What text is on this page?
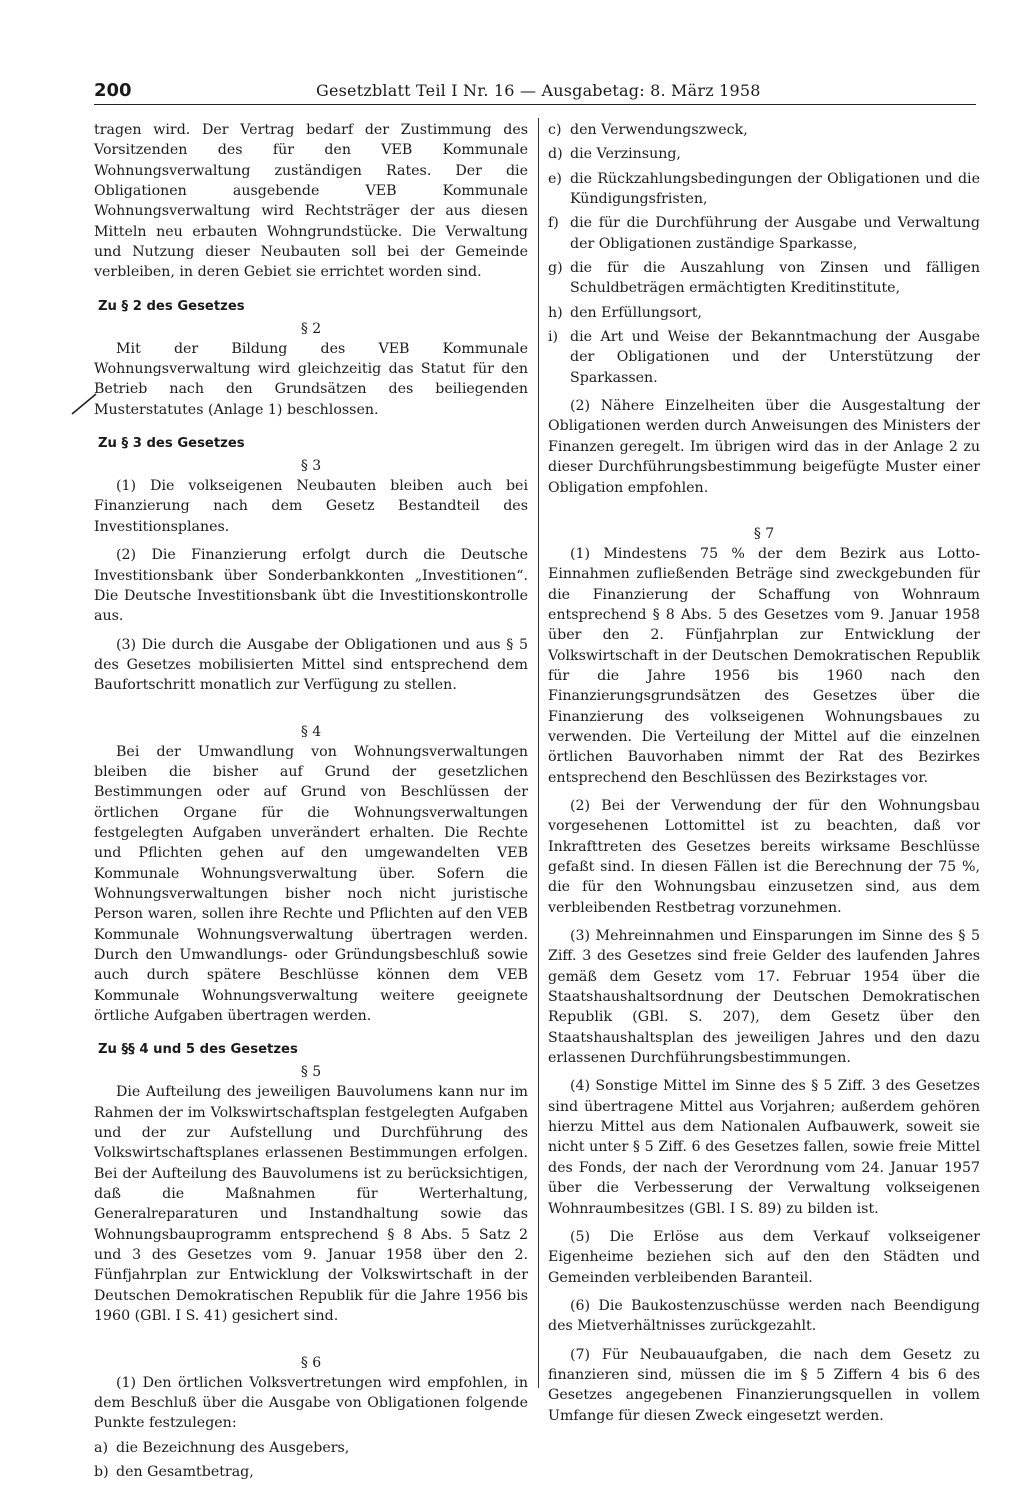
200	Gesetzblatt Teil I Nr. 16 — Ausgabetag: 8. März 1958

tragen wird. Der Vertrag bedarf der Zustimmung des Vorsitzenden des für den VEB Kommunale Wohnungsverwaltung zuständigen Rates. Der die Obligationen ausgebende VEB Kommunale Wohnungsverwaltung wird Rechtsträger der aus diesen Mitteln neu erbauten Wohngrundstücke. Die Verwaltung und Nutzung dieser Neubauten soll bei der Gemeinde verbleiben, in deren Gebiet sie errichtet worden sind.

Zu § 2 des Gesetzes
§ 2

Mit der Bildung des VEB Kommunale Wohnungsverwaltung wird gleichzeitig das Statut für den Betrieb nach den Grundsätzen des beiliegenden Musterstatutes (Anlage 1) beschlossen.

Zu § 3 des Gesetzes
§ 3

(1) Die volkseigenen Neubauten bleiben auch bei Finanzierung nach dem Gesetz Bestandteil des Investitionsplanes.

(2) Die Finanzierung erfolgt durch die Deutsche Investitionsbank über Sonderbankkonten „Investitionen“. Die Deutsche Investitionsbank übt die Investitionskontrolle aus.

(3) Die durch die Ausgabe der Obligationen und aus § 5 des Gesetzes mobilisierten Mittel sind entsprechend dem Baufortschritt monatlich zur Verfügung zu stellen.

§ 4

Bei der Umwandlung von Wohnungsverwaltungen bleiben die bisher auf Grund der gesetzlichen Bestimmungen oder auf Grund von Beschlüssen der örtlichen Organe für die Wohnungsverwaltungen festgelegten Aufgaben unverändert erhalten. Die Rechte und Pflichten gehen auf den umgewandelten VEB Kommunale Wohnungsverwaltung über. Sofern die Wohnungsverwaltungen bisher noch nicht juristische Person waren, sollen ihre Rechte und Pflichten auf den VEB Kommunale Wohnungsverwaltung übertragen werden. Durch den Umwandlungs- oder Gründungsbeschluß sowie auch durch spätere Beschlüsse können dem VEB Kommunale Wohnungsverwaltung weitere geeignete örtliche Aufgaben übertragen werden.

Zu §§ 4 und 5 des Gesetzes
§ 5

Die Aufteilung des jeweiligen Bauvolumens kann nur im Rahmen der im Volkswirtschaftsplan festgelegten Aufgaben und der zur Aufstellung und Durchführung des Volkswirtschaftsplanes erlassenen Bestimmungen erfolgen. Bei der Aufteilung des Bauvolumens ist zu berücksichtigen, daß die Maßnahmen für Werterhaltung, Generalreparaturen und Instandhaltung sowie das Wohnungsbauprogramm entsprechend § 8 Abs. 5 Satz 2 und 3 des Gesetzes vom 9. Januar 1958 über den 2. Fünfjahrplan zur Entwicklung der Volkswirtschaft in der Deutschen Demokratischen Republik für die Jahre 1956 bis 1960 (GBl. I S. 41) gesichert sind.

§ 6

(1) Den örtlichen Volksvertretungen wird empfohlen, in dem Beschluß über die Ausgabe von Obligationen folgende Punkte festzulegen:

a) die Bezeichnung des Ausgebers,
b) den Gesamtbetrag,
c) den Verwendungszweck,
d) die Verzinsung,
e) die Rückzahlungsbedingungen der Obligationen und die Kündigungsfristen,
f) die für die Durchführung der Ausgabe und Verwaltung der Obligationen zuständige Sparkasse,
g) die für die Auszahlung von Zinsen und fälligen Schuldbeträgen ermächtigten Kreditinstitute,
h) den Erfüllungsort,
i) die Art und Weise der Bekanntmachung der Ausgabe der Obligationen und der Unterstützung der Sparkassen.

(2) Nähere Einzelheiten über die Ausgestaltung der Obligationen werden durch Anweisungen des Ministers der Finanzen geregelt. Im übrigen wird das in der Anlage 2 zu dieser Durchführungsbestimmung beigefügte Muster einer Obligation empfohlen.

§ 7

(1) Mindestens 75 % der dem Bezirk aus Lotto-Einnahmen zufließenden Beträge sind zweckgebunden für die Finanzierung der Schaffung von Wohnraum entsprechend § 8 Abs. 5 des Gesetzes vom 9. Januar 1958 über den 2. Fünfjahrplan zur Entwicklung der Volkswirtschaft in der Deutschen Demokratischen Republik für die Jahre 1956 bis 1960 nach den Finanzierungsgrundsätzen des Gesetzes über die Finanzierung des volkseigenen Wohnungsbaues zu verwenden. Die Verteilung der Mittel auf die einzelnen örtlichen Bauvorhaben nimmt der Rat des Bezirkes entsprechend den Beschlüssen des Bezirkstages vor.

(2) Bei der Verwendung der für den Wohnungsbau vorgesehenen Lottomittel ist zu beachten, daß vor Inkrafttreten des Gesetzes bereits wirksame Beschlüsse gefaßt sind. In diesen Fällen ist die Berechnung der 75 %, die für den Wohnungsbau einzusetzen sind, aus dem verbleibenden Restbetrag vorzunehmen.

(3) Mehreinnahmen und Einsparungen im Sinne des § 5 Ziff. 3 des Gesetzes sind freie Gelder des laufenden Jahres gemäß dem Gesetz vom 17. Februar 1954 über die Staatshaushaltsordnung der Deutschen Demokratischen Republik (GBl. S. 207), dem Gesetz über den Staatshaushaltsplan des jeweiligen Jahres und den dazu erlassenen Durchführungsbestimmungen.

(4) Sonstige Mittel im Sinne des § 5 Ziff. 3 des Gesetzes sind übertragene Mittel aus Vorjahren; außerdem gehören hierzu Mittel aus dem Nationalen Aufbauwerk, soweit sie nicht unter § 5 Ziff. 6 des Gesetzes fallen, sowie freie Mittel des Fonds, der nach der Verordnung vom 24. Januar 1957 über die Verbesserung der Verwaltung volkseigenen Wohnraumbesitzes (GBl. I S. 89) zu bilden ist.

(5) Die Erlöse aus dem Verkauf volkseigener Eigenheime beziehen sich auf den den Städten und Gemeinden verbleibenden Baranteil.

(6) Die Baukostenzuschüsse werden nach Beendigung des Mietverhältnisses zurückgezahlt.

(7) Für Neubauaufgaben, die nach dem Gesetz zu finanzieren sind, müssen die im § 5 Ziffern 4 bis 6 des Gesetzes angegebenen Finanzierungsquellen in vollem Umfange für diesen Zweck eingesetzt werden.
